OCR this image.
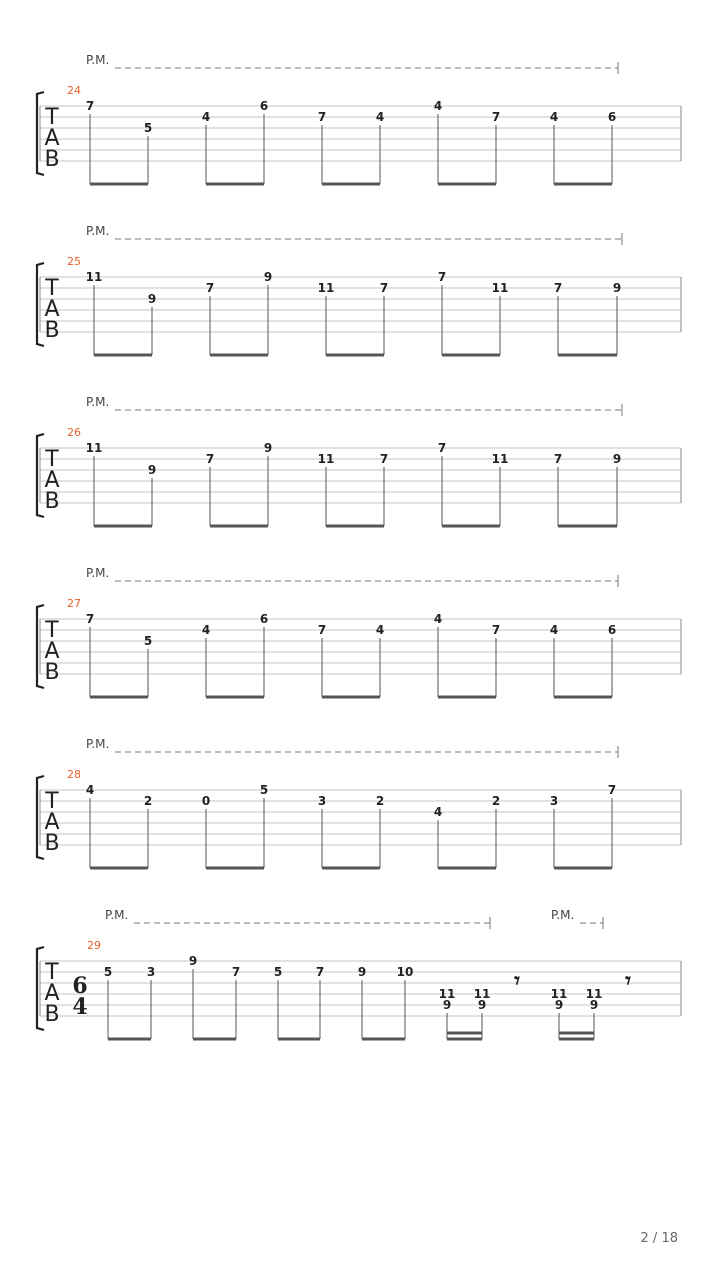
T
A
B
24
P.M.
7
5
4
6
7	4
4
7	4	6
T
A
B
25
P.M.
11
9
7
9
11	7
7
11	7	9
T
A
B
26
P.M.
11
9
7
9
11	7
7
11	7	9
T
A
B
27
P.M.
7
5
4
6
7	4
4
7	4	6
T
A
B
28
P.M.
4
2	0
5
3	2
4
2	3
7
T
A
B
6
4
29
P.M.	P.M.
5	3
9
7	5	7	9	10
11
9
11
9
11
9
11
9
𝄾	𝄾
2 / 18
